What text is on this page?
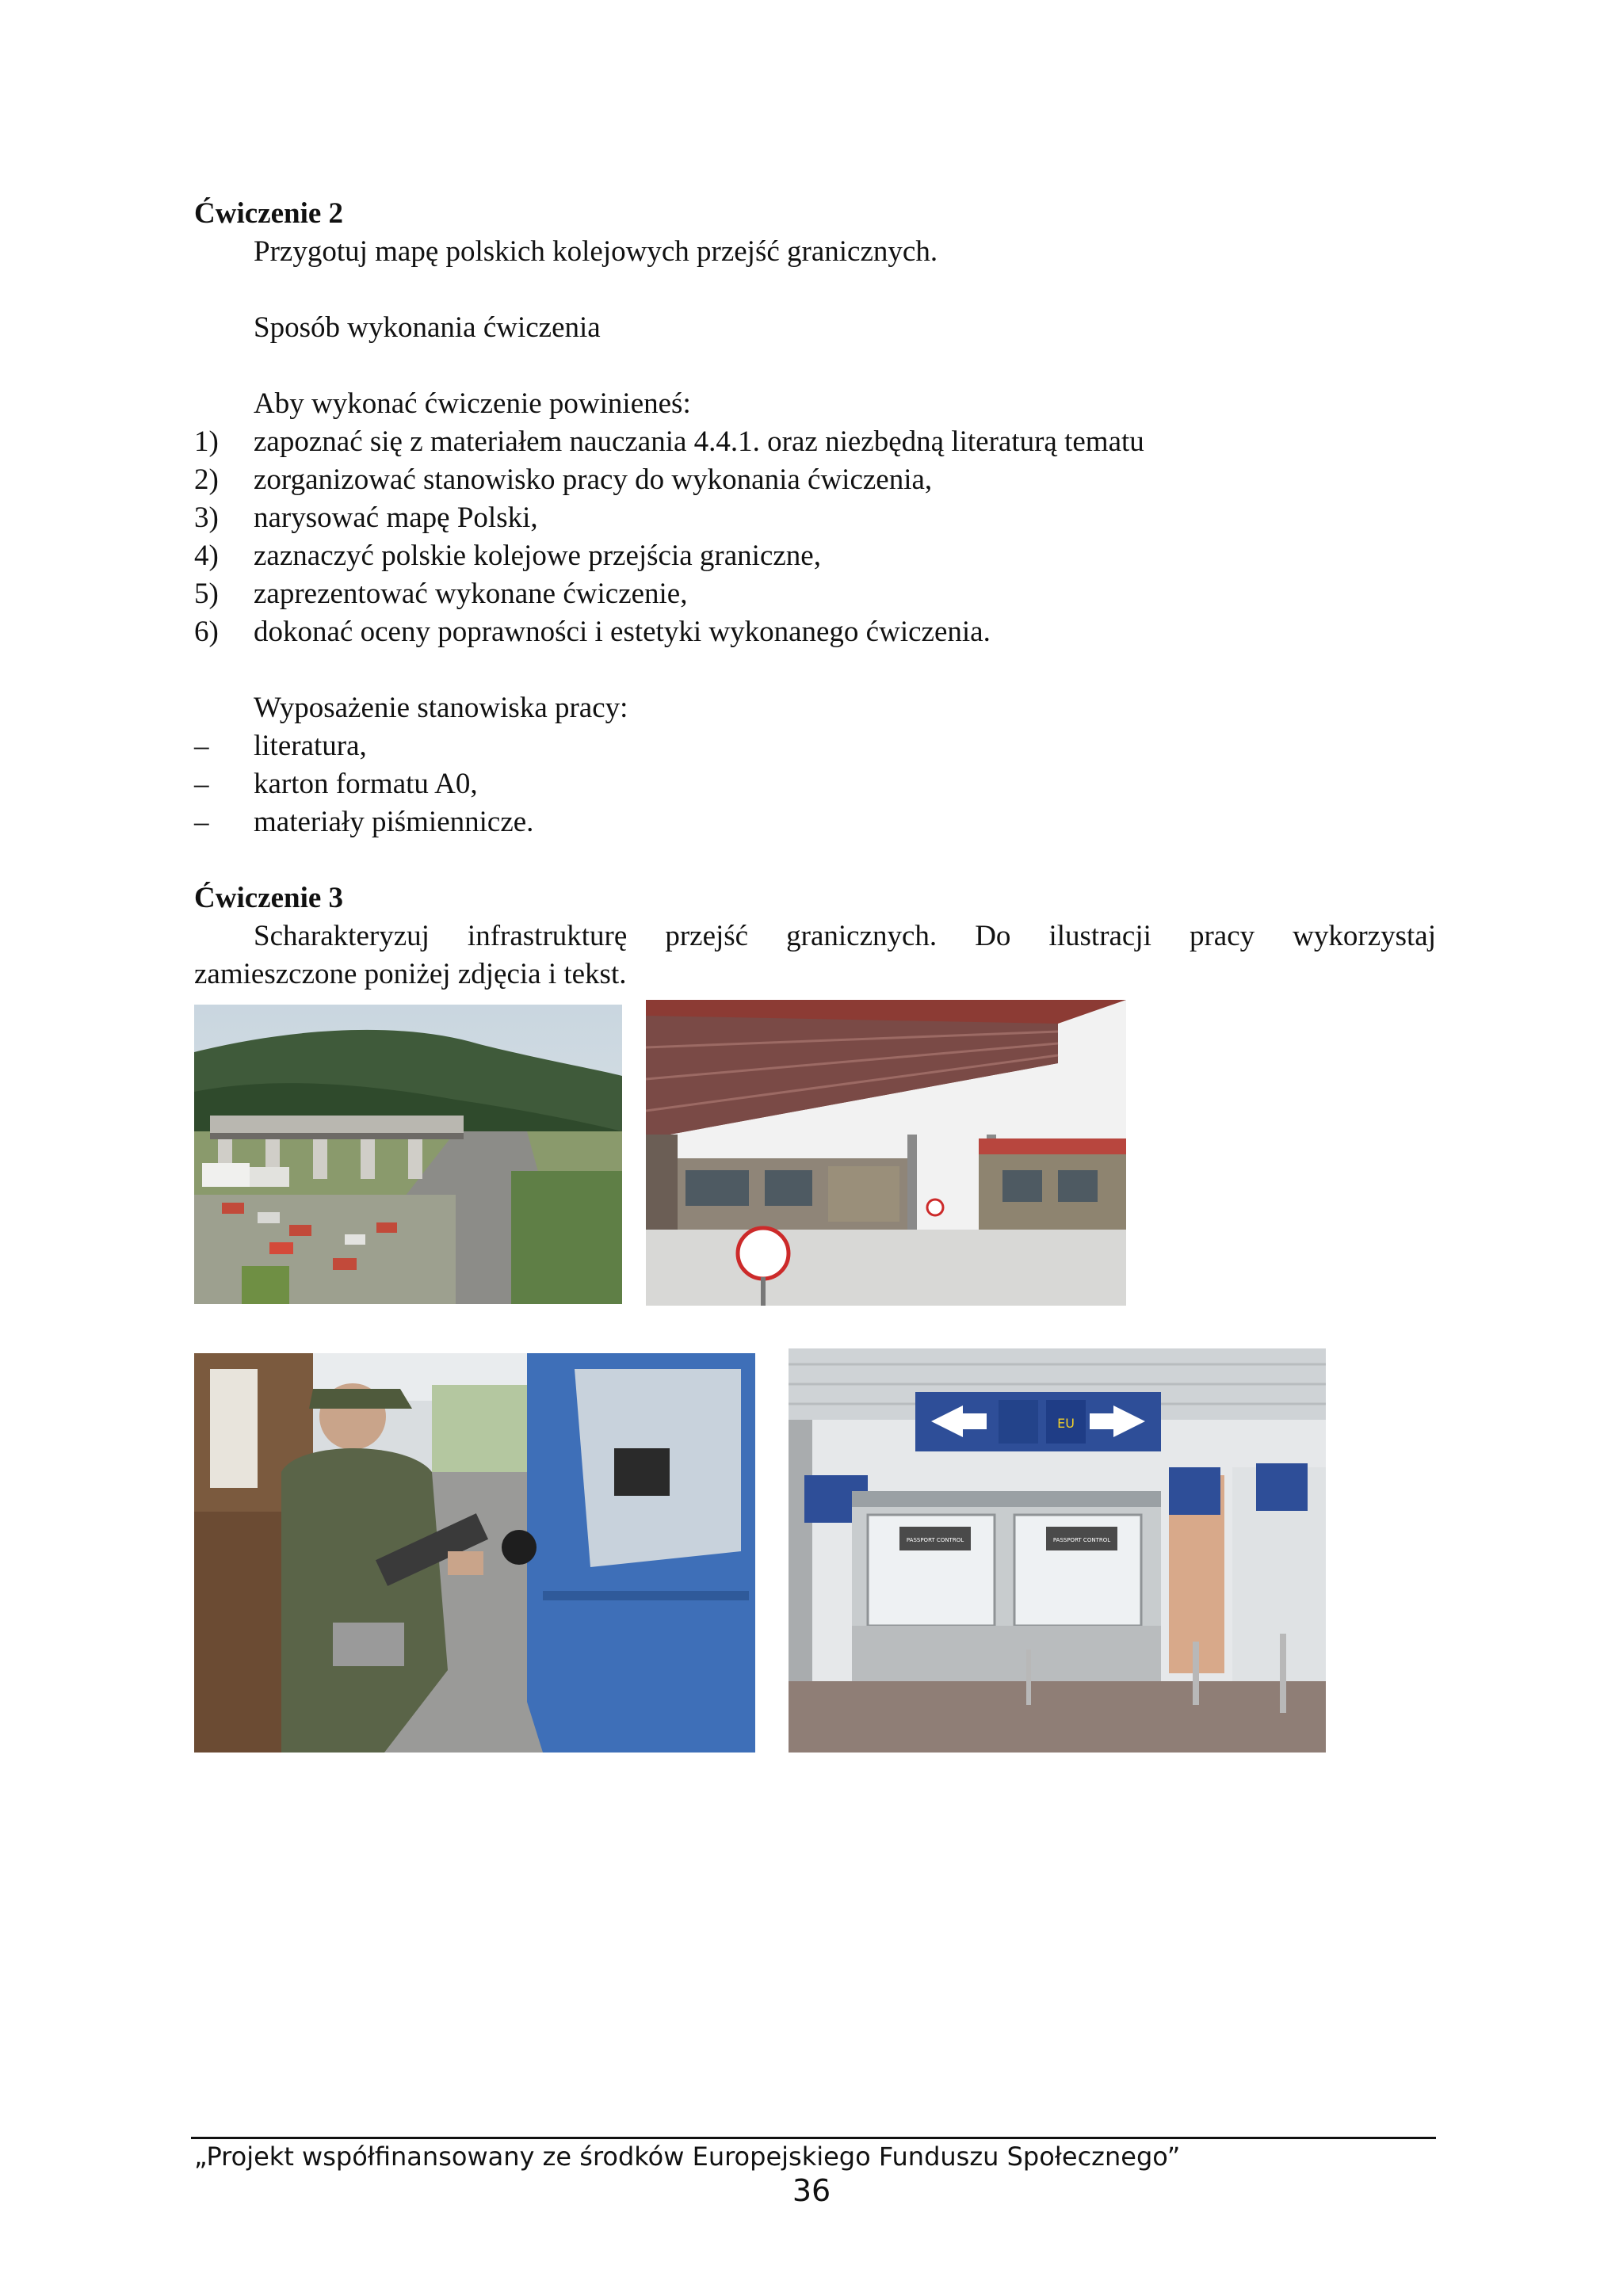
Ćwiczenie 2
Przygotuj mapę polskich kolejowych przejść granicznych.
Sposób wykonania ćwiczenia
Aby wykonać ćwiczenie powinieneś:
1) zapoznać się z materiałem nauczania 4.4.1. oraz niezbędną literaturą tematu
2) zorganizować stanowisko pracy do wykonania ćwiczenia,
3) narysować mapę Polski,
4) zaznaczyć polskie kolejowe przejścia graniczne,
5) zaprezentować wykonane ćwiczenie,
6) dokonać oceny poprawności i estetyki wykonanego ćwiczenia.
Wyposażenie stanowiska pracy:
– literatura,
– karton formatu A0,
– materiały piśmiennicze.
Ćwiczenie 3
Scharakteryzuj infrastrukturę przejść granicznych. Do ilustracji pracy wykorzystaj
zamieszczone poniżej zdjęcia i tekst.
EU
PASSPORT CONTROL	PASSPORT CONTROL
„Projekt współfinansowany ze środków Europejskiego Funduszu Społecznego”
36
